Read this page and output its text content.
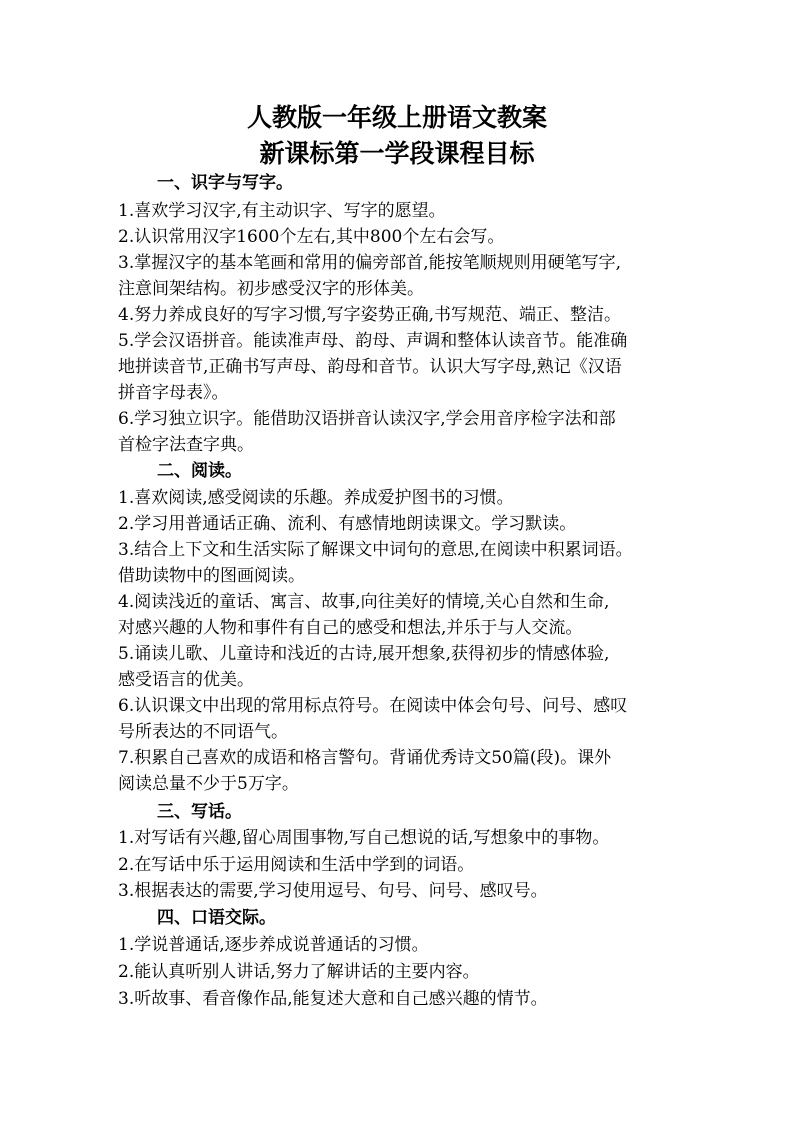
人教版一年级上册语文教案
新课标第一学段课程目标
一、识字与写字。
1.喜欢学习汉字,有主动识字、写字的愿望。
2.认识常用汉字1600个左右,其中800个左右会写。
3.掌握汉字的基本笔画和常用的偏旁部首,能按笔顺规则用硬笔写字,
注意间架结构。初步感受汉字的形体美。
4.努力养成良好的写字习惯,写字姿势正确,书写规范、端正、整洁。
5.学会汉语拼音。能读准声母、韵母、声调和整体认读音节。能准确
地拼读音节,正确书写声母、韵母和音节。认识大写字母,熟记《汉语
拼音字母表》。
6.学习独立识字。能借助汉语拼音认读汉字,学会用音序检字法和部
首检字法查字典。
二、阅读。
1.喜欢阅读,感受阅读的乐趣。养成爱护图书的习惯。
2.学习用普通话正确、流利、有感情地朗读课文。学习默读。
3.结合上下文和生活实际了解课文中词句的意思,在阅读中积累词语。
借助读物中的图画阅读。
4.阅读浅近的童话、寓言、故事,向往美好的情境,关心自然和生命,
对感兴趣的人物和事件有自己的感受和想法,并乐于与人交流。
5.诵读儿歌、儿童诗和浅近的古诗,展开想象,获得初步的情感体验,
感受语言的优美。
6.认识课文中出现的常用标点符号。在阅读中体会句号、问号、感叹
号所表达的不同语气。
7.积累自己喜欢的成语和格言警句。背诵优秀诗文50篇(段)。课外
阅读总量不少于5万字。
三、写话。
1.对写话有兴趣,留心周围事物,写自己想说的话,写想象中的事物。
2.在写话中乐于运用阅读和生活中学到的词语。
3.根据表达的需要,学习使用逗号、句号、问号、感叹号。
四、口语交际。
1.学说普通话,逐步养成说普通话的习惯。
2.能认真听别人讲话,努力了解讲话的主要内容。
3.听故事、看音像作品,能复述大意和自己感兴趣的情节。
